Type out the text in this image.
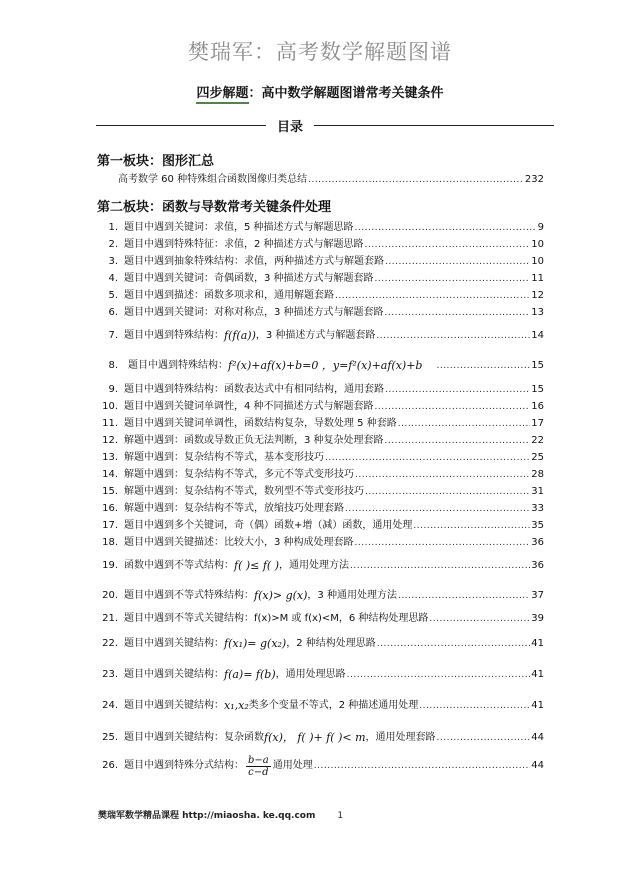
樊瑞军：高考数学解题图谱
四步解题：高中数学解题图谱常考关键条件
目录
第一板块：图形汇总
高考数学 60 种特殊组合函数图像归类总结 .....	232
第二板块：函数与导数常考关键条件处理
1. 题目中遇到关键词：求值，5 种描述方式与解题思路 .....	9
2. 题目中遇到特殊特征：求值，2 种描述方式与解题思路 .....	10
3. 题目中遇到抽象特殊结构：求值，两种描述方式与解题套路 .....	10
4. 题目中遇到关键词：奇偶函数，3 种描述方式与解题套路 .....	11
5. 题目中遇到描述：函数多项求和，通用解题套路 .....	12
6. 题目中遇到关键词：对称对称点，3 种描述方式与解题套路 .....	13
7. 题目中遇到特殊结构： f(f(a)) ，3 种描述方式与解题套路 .....	14
8.	题目中遇到特殊结构： f²(x)+af(x)+b=0 ，y=f²(x)+af(x)+b .....	15
9. 题目中遇到特殊结构：函数表达式中有相同结构，通用套路 .....	15
10. 题目中遇到关键词单调性，4 种不同描述方式与解题套路 .....	16
11. 题目中遇到关键词单调性，函数结构复杂，导数处理 5 种套路 .....	17
12. 解题中遇到：函数或导数正负无法判断，3 种复杂处理套路 .....	22
13. 解题中遇到：复杂结构不等式，基本变形技巧 .....	25
14. 解题中遇到：复杂结构不等式，多元不等式变形技巧 .....	28
15. 解题中遇到：复杂结构不等式，数列型不等式变形技巧 .....	31
16. 解题中遇到：复杂结构不等式，放缩技巧处理套路 .....	33
17. 题目中遇到多个关键词，奇（偶）函数+增（减）函数，通用处理 .....	35
18. 题目中遇到关键描述：比较大小，3 种构成处理套路 .....	36
19. 函数中遇到不等式结构： f( )≤ f( ) ，通用处理方法 .....	36
20. 题目中遇到不等式特殊结构： f(x)> g(x) ，3 种通用处理方法 .....	37
21. 题目中遇到不等式关键结构：f(x)>M 或 f(x)<M，6 种结构处理思路 .....	39
22. 题目中遇到关键结构： f(x₁)= g(x₂) ，2 种结构处理思路 .....	41
23. 题目中遇到关键结构： f(a)= f(b) ，通用处理思路 .....	41
24. 题目中遇到关键结构： x₁,x₂ 类多个变量不等式，2 种描述通用处理 .....	41
25. 题目中遇到关键结构：复杂函数 f(x)， f( )+ f( )< m ，通用处理套路 .....	44
26. 题目中遇到特殊分式结构： $\frac{b-a}{c-d}$ 通用处理 .....	44
樊瑞军数学精品课程 http://miaosha. ke.qq.com 1
